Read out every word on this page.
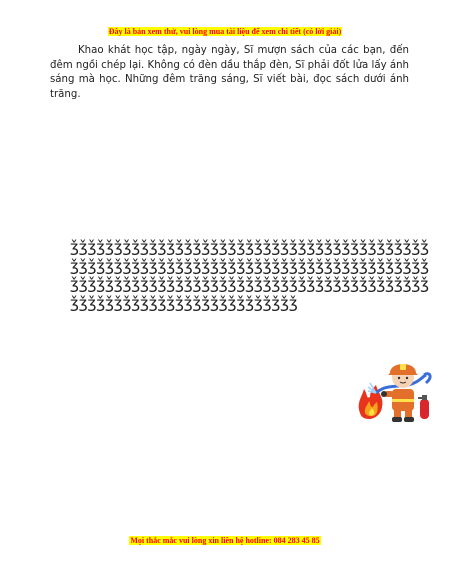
Đây là bản xem thử, vui lòng mua tài liệu để xem chi tiết (có lời giải)

Khao khát học tập, ngày ngày, Sĩ mượn sách của các bạn, đến đêm ngồi chép lại. Không có đèn dầu thắp đèn, Sĩ phải đốt lửa lấy ánh sáng mà học. Những đêm trăng sáng, Sĩ viết bài, đọc sách dưới ánh trăng.

ǯǯǯǯǯǯǯǯǯǯǯǯǯǯǯǯǯǯǯǯǯǯǯǯǯǯǯǯǯǯǯǯǯǯǯǯǯǯǯǯǯǯǯǯǯǯǯǯǯǯǯǯǯǯǯǯǯǯǯǯǯǯǯǯǯǯǯǯǯǯǯǯǯǯǯǯǯǯǯǯǯǯǯǯǯǯǯǯǯǯǯǯǯǯǯǯǯǯǯǯǯǯǯǯǯǯǯǯǯǯǯǯǯǯǯǯǯǯǯǯǯǯǯǯǯǯǯǯǯǯǯǯǯǯǯǯǯǯǯǯǯǯǯǯǯǯǯǯǯ
Mọi thắc mắc vui lòng xin liên hệ hotline: 084 283 45 85
